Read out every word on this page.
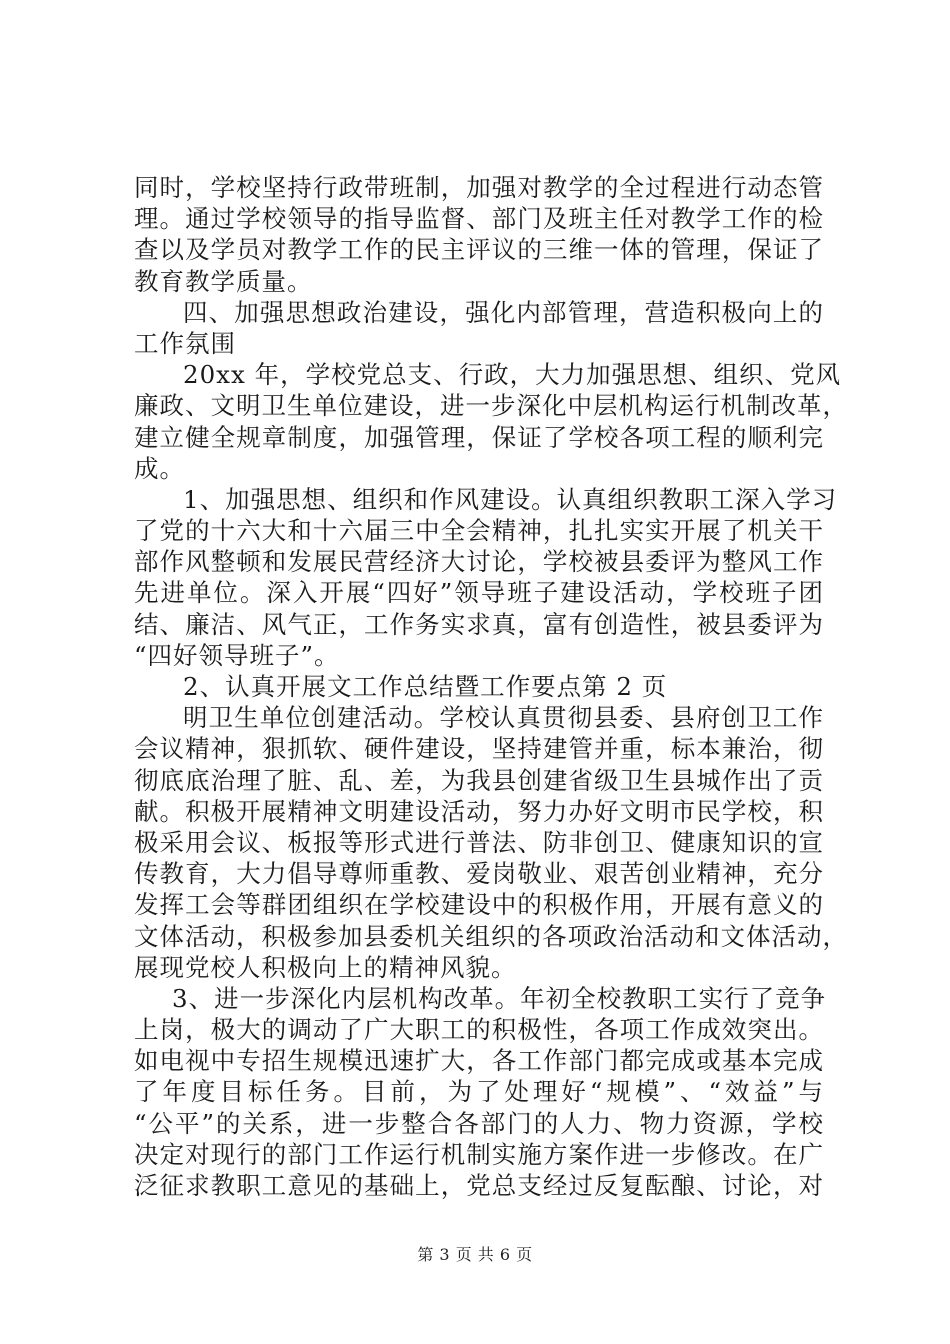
同时，学校坚持行政带班制，加强对教学的全过程进行动态管
理。通过学校领导的指导监督、部门及班主任对教学工作的检
查以及学员对教学工作的民主评议的三维一体的管理，保证了
教育教学质量。
四、加强思想政治建设，强化内部管理，营造积极向上的
工作氛围
20xx 年，学校党总支、行政，大力加强思想、组织、党风
廉政、文明卫生单位建设，进一步深化中层机构运行机制改革，
建立健全规章制度，加强管理，保证了学校各项工程的顺利完
成。
1、加强思想、组织和作风建设。认真组织教职工深入学习
了党的十六大和十六届三中全会精神，扎扎实实开展了机关干
部作风整顿和发展民营经济大讨论，学校被县委评为整风工作
先进单位。深入开展“四好”领导班子建设活动，学校班子团
结、廉洁、风气正，工作务实求真，富有创造性，被县委评为
“四好领导班子”。
2、认真开展文工作总结暨工作要点第 2 页
明卫生单位创建活动。学校认真贯彻县委、县府创卫工作
会议精神，狠抓软、硬件建设，坚持建管并重，标本兼治，彻
彻底底治理了脏、乱、差，为我县创建省级卫生县城作出了贡
献。积极开展精神文明建设活动，努力办好文明市民学校，积
极采用会议、板报等形式进行普法、防非创卫、健康知识的宣
传教育，大力倡导尊师重教、爱岗敬业、艰苦创业精神，充分
发挥工会等群团组织在学校建设中的积极作用，开展有意义的
文体活动，积极参加县委机关组织的各项政治活动和文体活动，
展现党校人积极向上的精神风貌。
3、进一步深化内层机构改革。年初全校教职工实行了竞争
上岗，极大的调动了广大职工的积极性，各项工作成效突出。
如电视中专招生规模迅速扩大，各工作部门都完成或基本完成
了年度目标任务。目前，为了处理好“规模”、“效益”与
“公平”的关系，进一步整合各部门的人力、物力资源，学校
决定对现行的部门工作运行机制实施方案作进一步修改。在广
泛征求教职工意见的基础上，党总支经过反复酝酿、讨论，对
第 3 页 共 6 页
